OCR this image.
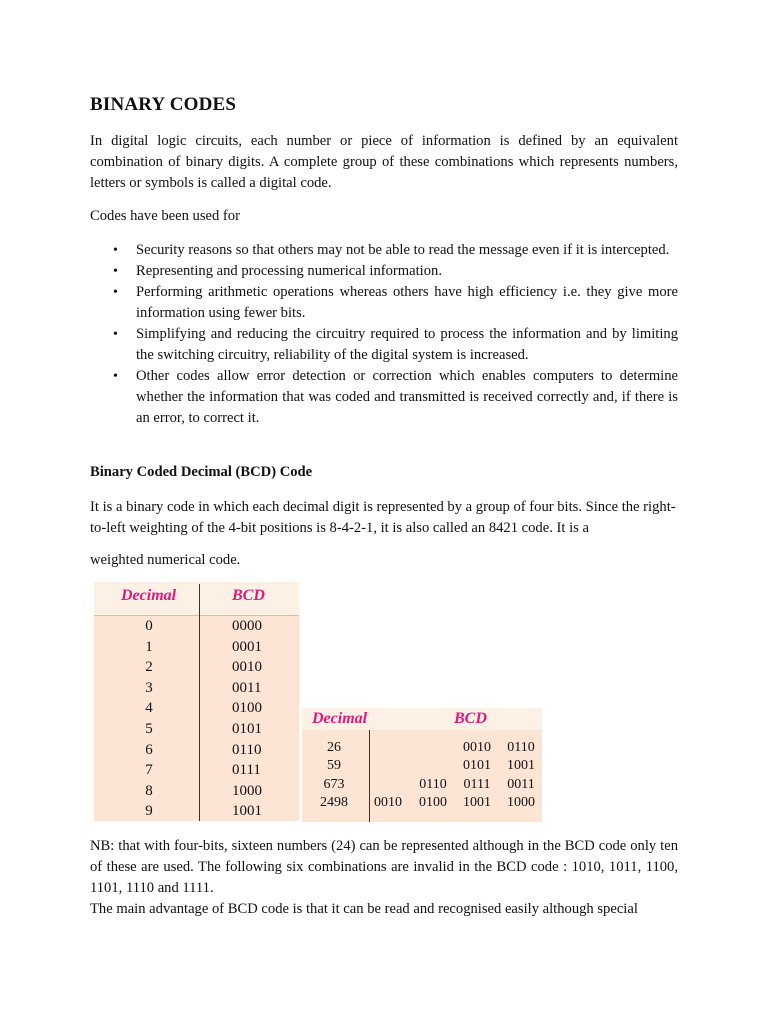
BINARY CODES

In digital logic circuits, each number or piece of information is defined by an equivalent combination of binary digits. A complete group of these combinations which represents numbers, letters or symbols is called a digital code.

Codes have been used for

• Security reasons so that others may not be able to read the message even if it is intercepted.
• Representing and processing numerical information.
• Performing arithmetic operations whereas others have high efficiency i.e. they give more information using fewer bits.
• Simplifying and reducing the circuitry required to process the information and by limiting the switching circuitry, reliability of the digital system is increased.
• Other codes allow error detection or correction which enables computers to determine whether the information that was coded and transmitted is received correctly and, if there is an error, to correct it.
Binary Coded Decimal (BCD) Code

It is a binary code in which each decimal digit is represented by a group of four bits. Since the right-to-left weighting of the 4-bit positions is 8-4-2-1, it is also called an 8421 code. It is a

weighted numerical code.

NB: that with four-bits, sixteen numbers (24) can be represented although in the BCD code only ten of these are used. The following six combinations are invalid in the BCD code : 1010, 1011, 1100, 1101, 1110 and 1111.

The main advantage of BCD code is that it can be read and recognised easily although special

Decimal	BCD
0	0000
1	0001
2	0010
3	0011
4	0100
5	0101
6	0110
7	0111
8	1000
9	1001
Decimal	BCD
26	0010	0110
59	0101 1001
673	0110	0111	0011
2498	0010 0100 1001 1000
